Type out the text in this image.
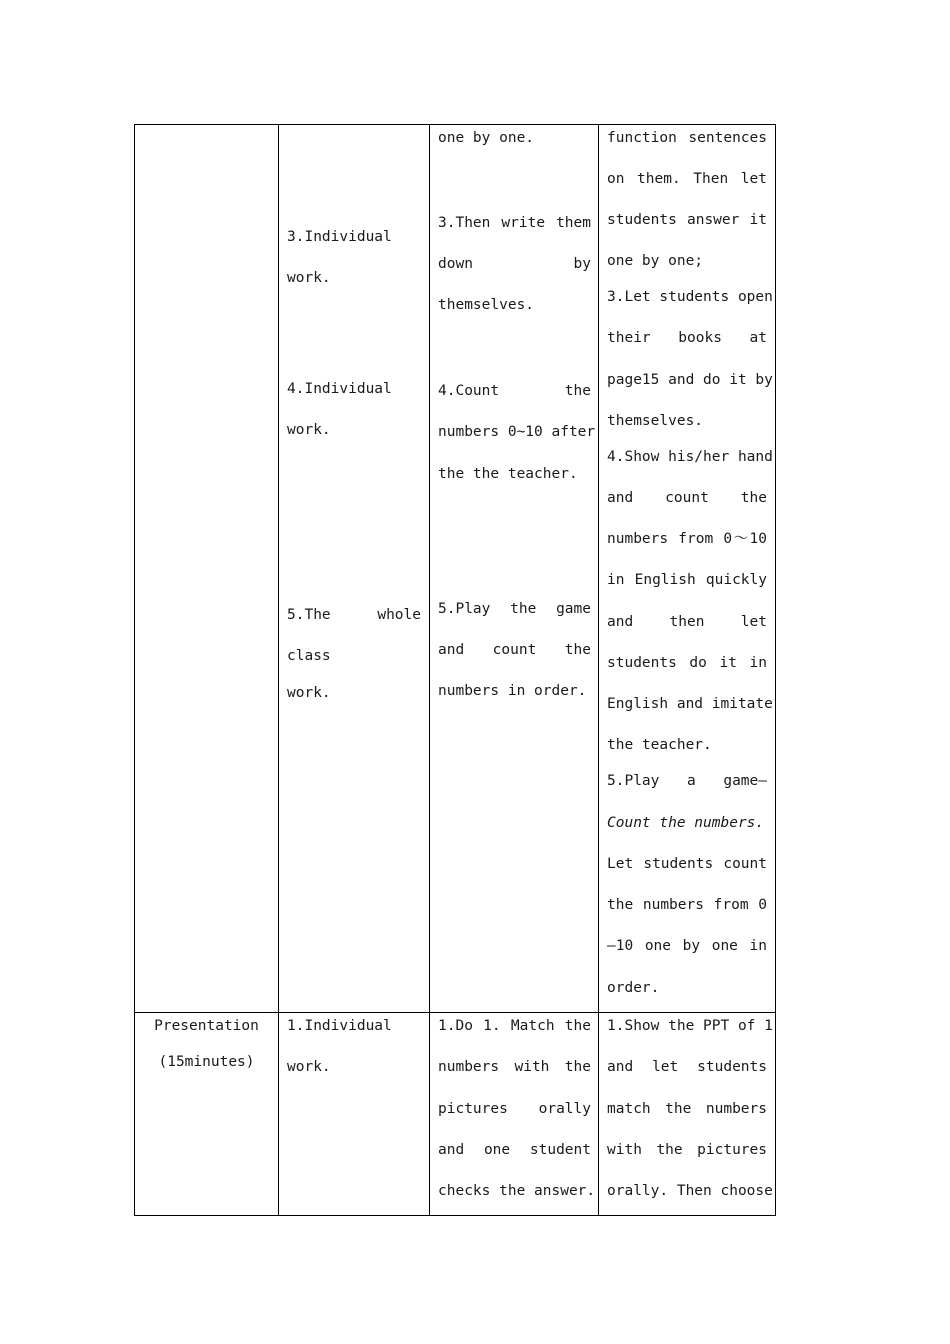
3.Individual
work.
4.Individual
work.
5.The whole
class
work.
one by one.
3.Then write them
down by
themselves.
4.Count the
numbers 0~10 after
the the teacher.
5.Play the game
and count the
numbers in order.
function sentences
on them. Then let
students answer it
one by one;
3.Let students open
their books at
page15 and do it by
themselves.
4.Show his/her hand
and count the
numbers from 0～10
in English quickly
and then let
students do it in
English and imitate
the teacher.
5.Play a game—
Count the numbers.
Let students count
the numbers from 0
—10 one by one in
order.
Presentation
(15minutes)
1.Individual
work.
1.Do 1. Match the
numbers with the
pictures orally
and one student
checks the answer.
1.Show the PPT of 1
and let students
match the numbers
with the pictures
orally. Then choose
